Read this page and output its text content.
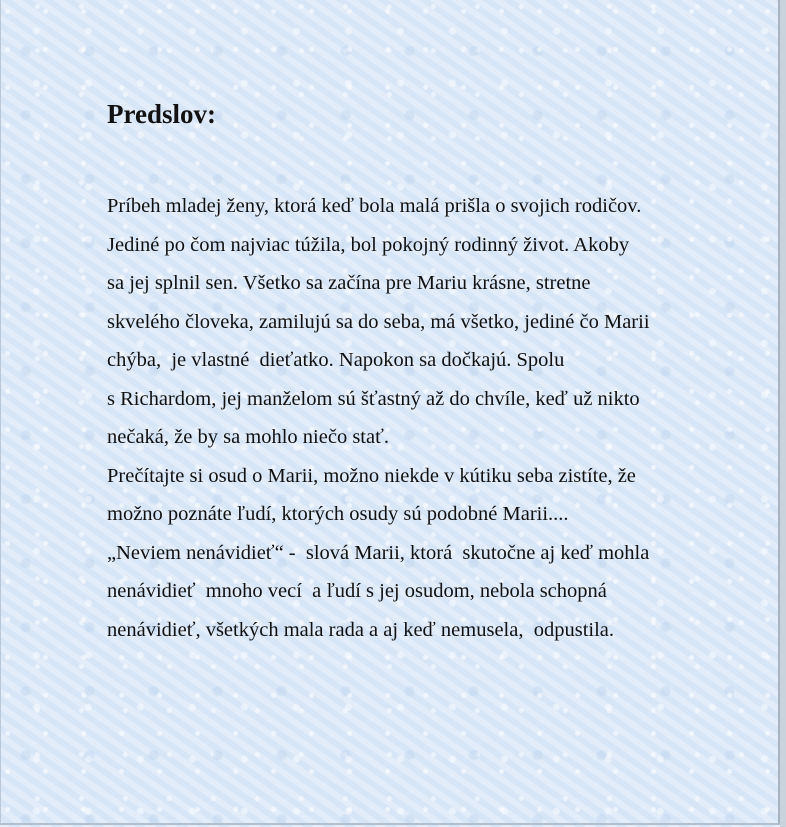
Predslov:
Príbeh mladej ženy, ktorá keď bola malá prišla o svojich rodičov.
Jediné po čom najviac túžila, bol pokojný rodinný život. Akoby
sa jej splnil sen. Všetko sa začína pre Mariu krásne, stretne
skvelého človeka, zamilujú sa do seba, má všetko, jediné čo Marii
chýba,  je vlastné  dieťatko. Napokon sa dočkajú. Spolu
s Richardom, jej manželom sú šťastný až do chvíle, keď už nikto
nečaká, že by sa mohlo niečo stať.
Prečítajte si osud o Marii, možno niekde v kútiku seba zistíte, že
možno poznáte ľudí, ktorých osudy sú podobné Marii....
„Neviem nenávidieť“ -  slová Marii, ktorá  skutočne aj keď mohla
nenávidieť  mnoho vecí  a ľudí s jej osudom, nebola schopná
nenávidieť, všetkých mala rada a aj keď nemusela,  odpustila.
